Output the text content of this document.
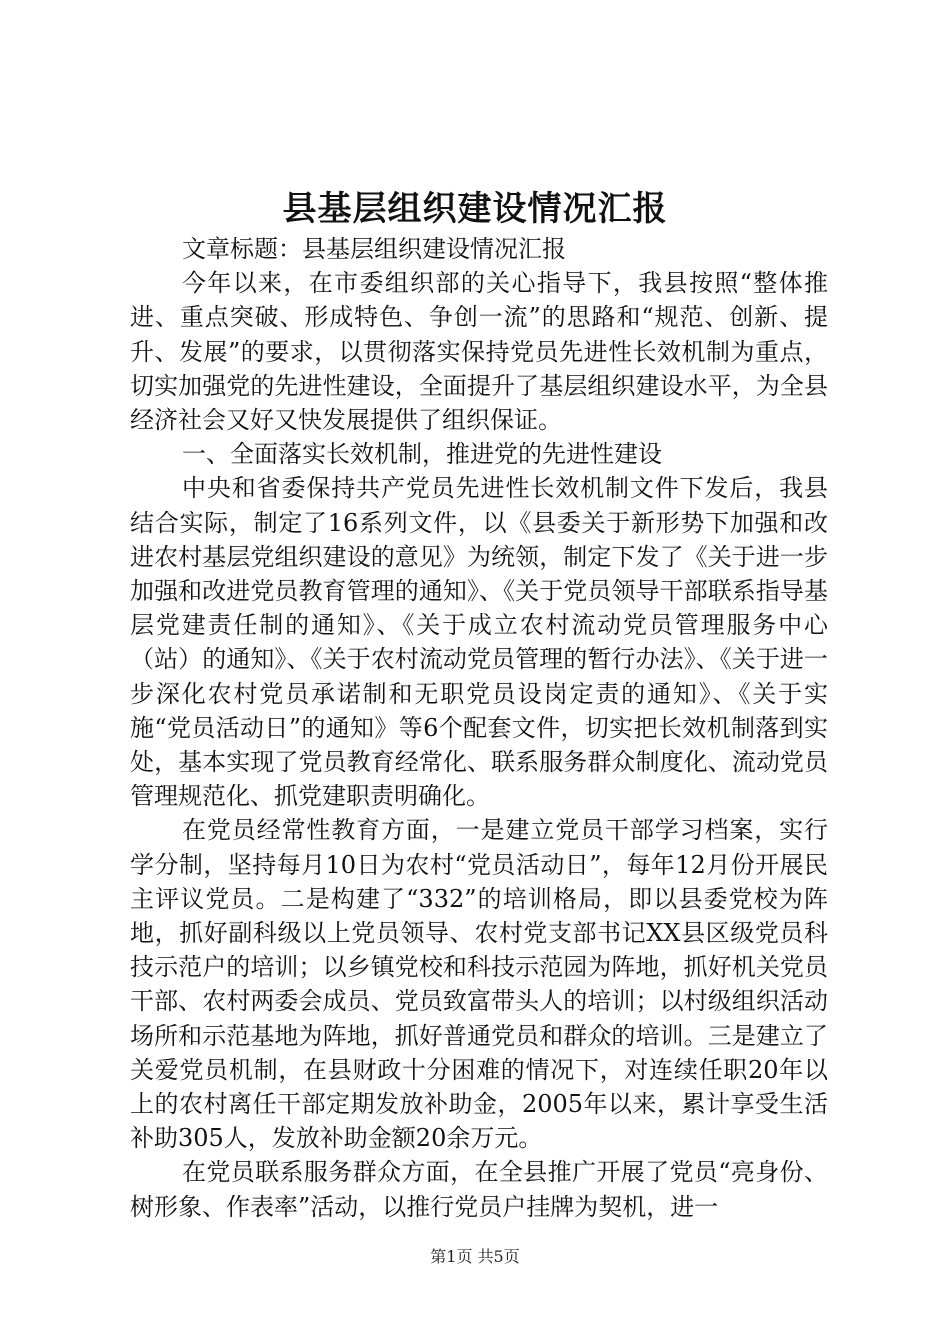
县基层组织建设情况汇报

文章标题：县基层组织建设情况汇报

今年以来，在市委组织部的关心指导下，我县按照“整体推进、重点突破、形成特色、争创一流”的思路和“规范、创新、提升、发展”的要求，以贯彻落实保持党员先进性长效机制为重点，切实加强党的先进性建设，全面提升了基层组织建设水平，为全县经济社会又好又快发展提供了组织保证。

一、全面落实长效机制，推进党的先进性建设

中央和省委保持共产党员先进性长效机制文件下发后，我县结合实际，制定了16系列文件，以《县委关于新形势下加强和改进农村基层党组织建设的意见》为统领，制定下发了《关于进一步加强和改进党员教育管理的通知》、《关于党员领导干部联系指导基层党建责任制的通知》、《关于成立农村流动党员管理服务中心（站）的通知》、《关于农村流动党员管理的暂行办法》、《关于进一步深化农村党员承诺制和无职党员设岗定责的通知》、《关于实施“党员活动日”的通知》等6个配套文件，切实把长效机制落到实处，基本实现了党员教育经常化、联系服务群众制度化、流动党员管理规范化、抓党建职责明确化。

在党员经常性教育方面，一是建立党员干部学习档案，实行学分制，坚持每月10日为农村“党员活动日”，每年12月份开展民主评议党员。二是构建了“332”的培训格局，即以县委党校为阵地，抓好副科级以上党员领导、农村党支部书记XX县区级党员科技示范户的培训；以乡镇党校和科技示范园为阵地，抓好机关党员干部、农村两委会成员、党员致富带头人的培训；以村级组织活动场所和示范基地为阵地，抓好普通党员和群众的培训。三是建立了关爱党员机制，在县财政十分困难的情况下，对连续任职20年以上的农村离任干部定期发放补助金，2005年以来，累计享受生活补助305人，发放补助金额20余万元。

在党员联系服务群众方面，在全县推广开展了党员“亮身份、树形象、作表率”活动，以推行党员户挂牌为契机，进一

第1页 共5页
